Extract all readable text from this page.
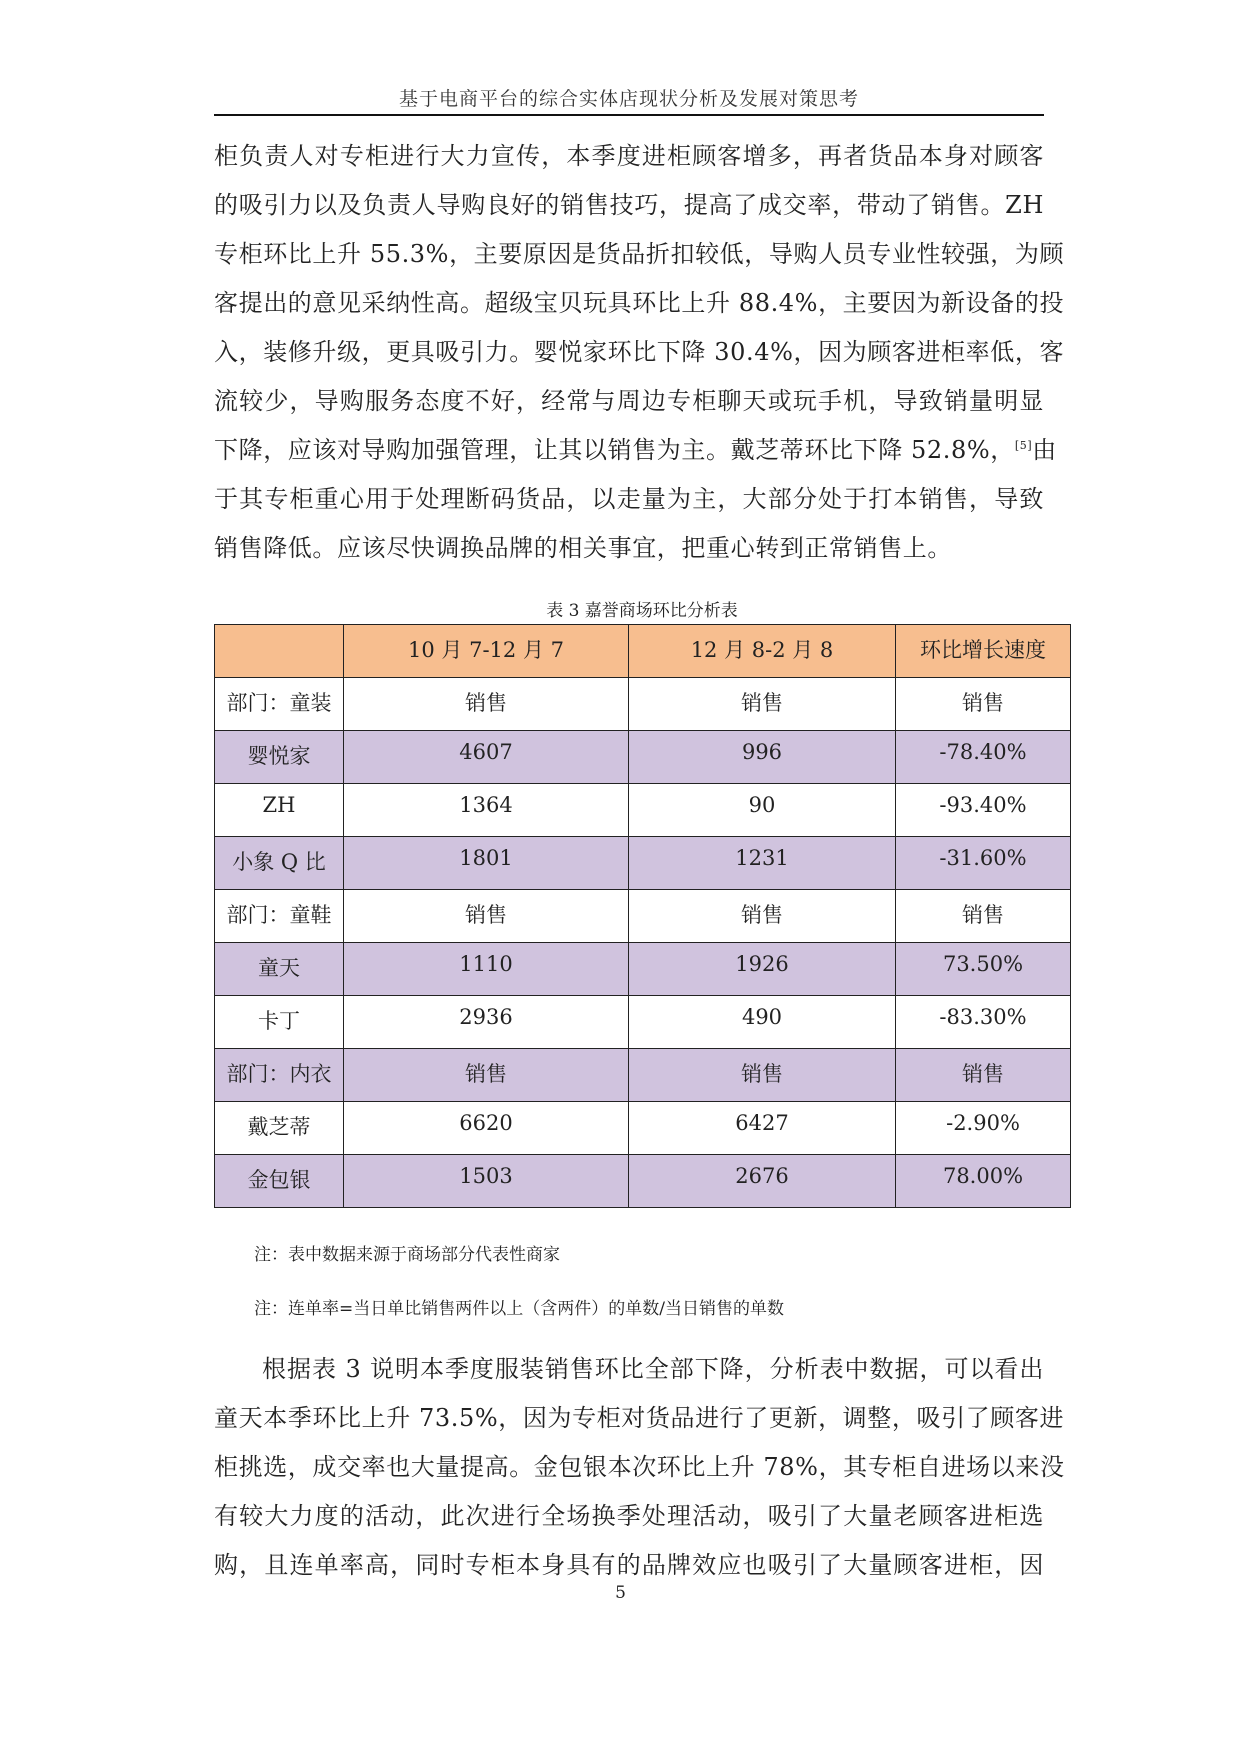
基于电商平台的综合实体店现状分析及发展对策思考
柜负责人对专柜进行大力宣传，本季度进柜顾客增多，再者货品本身对顾客
的吸引力以及负责人导购良好的销售技巧，提高了成交率，带动了销售。ZH
专柜环比上升 55.3%，主要原因是货品折扣较低，导购人员专业性较强，为顾
客提出的意见采纳性高。超级宝贝玩具环比上升 88.4%，主要因为新设备的投
入，装修升级，更具吸引力。婴悦家环比下降 30.4%，因为顾客进柜率低，客
流较少，导购服务态度不好，经常与周边专柜聊天或玩手机，导致销量明显
下降，应该对导购加强管理，让其以销售为主。戴芝蒂环比下降 52.8%，[5]由
于其专柜重心用于处理断码货品，以走量为主，大部分处于打本销售，导致
销售降低。应该尽快调换品牌的相关事宜，把重心转到正常销售上。
表 3 嘉誉商场环比分析表
	10 月 7-12 月 7	12 月 8-2 月 8	环比增长速度
部门：童装	销售	销售	销售
婴悦家	4607	996	-78.40%
ZH	1364	90	-93.40%
小象 Q 比	1801	1231	-31.60%
部门：童鞋	销售	销售	销售
童天	1110	1926	73.50%
卡丁	2936	490	-83.30%
部门：内衣	销售	销售	销售
戴芝蒂	6620	6427	-2.90%
金包银	1503	2676	78.00%
注：表中数据来源于商场部分代表性商家
注：连单率=当日单比销售两件以上（含两件）的单数/当日销售的单数
根据表 3 说明本季度服装销售环比全部下降，分析表中数据，可以看出
童天本季环比上升 73.5%，因为专柜对货品进行了更新，调整，吸引了顾客进
柜挑选，成交率也大量提高。金包银本次环比上升 78%，其专柜自进场以来没
有较大力度的活动，此次进行全场换季处理活动，吸引了大量老顾客进柜选
购，且连单率高，同时专柜本身具有的品牌效应也吸引了大量顾客进柜，因
5
